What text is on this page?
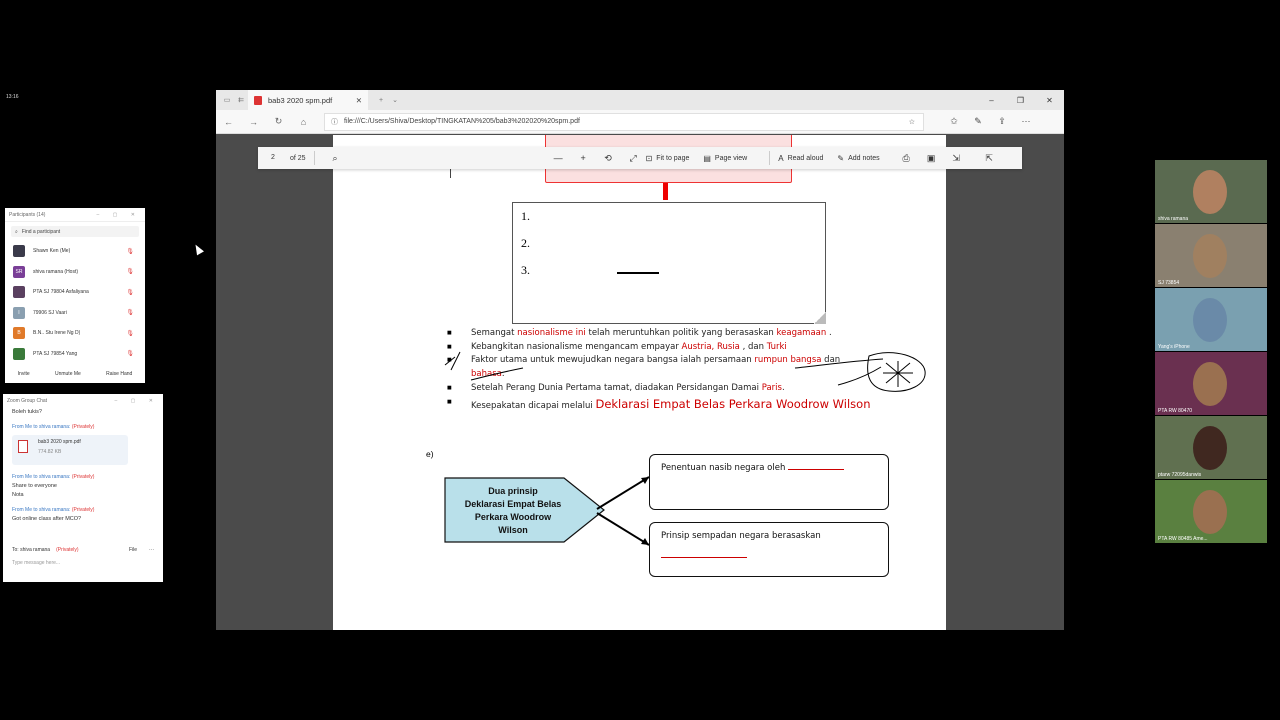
13:16
Participants (14)	– ▢ ✕
⌕ Find a participant
Shawn Ken (Me)	🎙
SR	shiva ramana (Host)	🎙
PTA SJ 79804 Asfaliyana	🎙
I	79906 SJ Vaari	🎙
B	B.N.. Stu Irene Ng D)	🎙
PTA SJ 79854 Yang	🎙
Invite	Unmute Me	Raise Hand
Zoom Group Chat	– ▢ ✕
Boleh tukis?
From Me to shiva ramana: (Privately)
bab3 2020 spm.pdf
774.82 KB
From Me to shiva ramana: (Privately)
Share to everyone
Nota
From Me to shiva ramana: (Privately)
Got online class after MCO?
To:
shiva ramana (Privately)	File ···
Type message here...
▭	⇇	bab3 2020 spm.pdf	✕	+	⌄	–	❐	✕
←	→	↻	⌂	ⓘ file:///C:/Users/Shiva/Desktop/TINGKATAN%205/bab3%202020%20spm.pdf	☆	✩	✎	⇪	···
2	of 25	⌕	—	+	⟲	⤢	⊡ Fit to page ▤ Page view	A Read aloud ✎ Add notes	⎙	▣	⇲	⇱
1.
2.
3.
■ Semangat nasionalisme ini telah meruntuhkan politik yang berasaskan keagamaan .
■ Kebangkitan nasionalisme mengancam empayar Austria, Rusia , dan Turki
■ Faktor utama untuk mewujudkan negara bangsa ialah persamaan rumpun bangsa dan
bahasa.
■ Setelah Perang Dunia Pertama tamat, diadakan Persidangan Damai Paris.
■ Kesepakatan dicapai melalui Deklarasi Empat Belas Perkara Woodrow Wilson
e)
Dua prinsip
Deklarasi Empat Belas
Perkara Woodrow
Wilson
Penentuan nasib negara oleh
Prinsip sempadan negara berasaskan
shiva ramana
SJ 73854
Yang's iPhone
PTA RW 80470
ptarw 72095danwis
PTA RW 80485 Ame...
